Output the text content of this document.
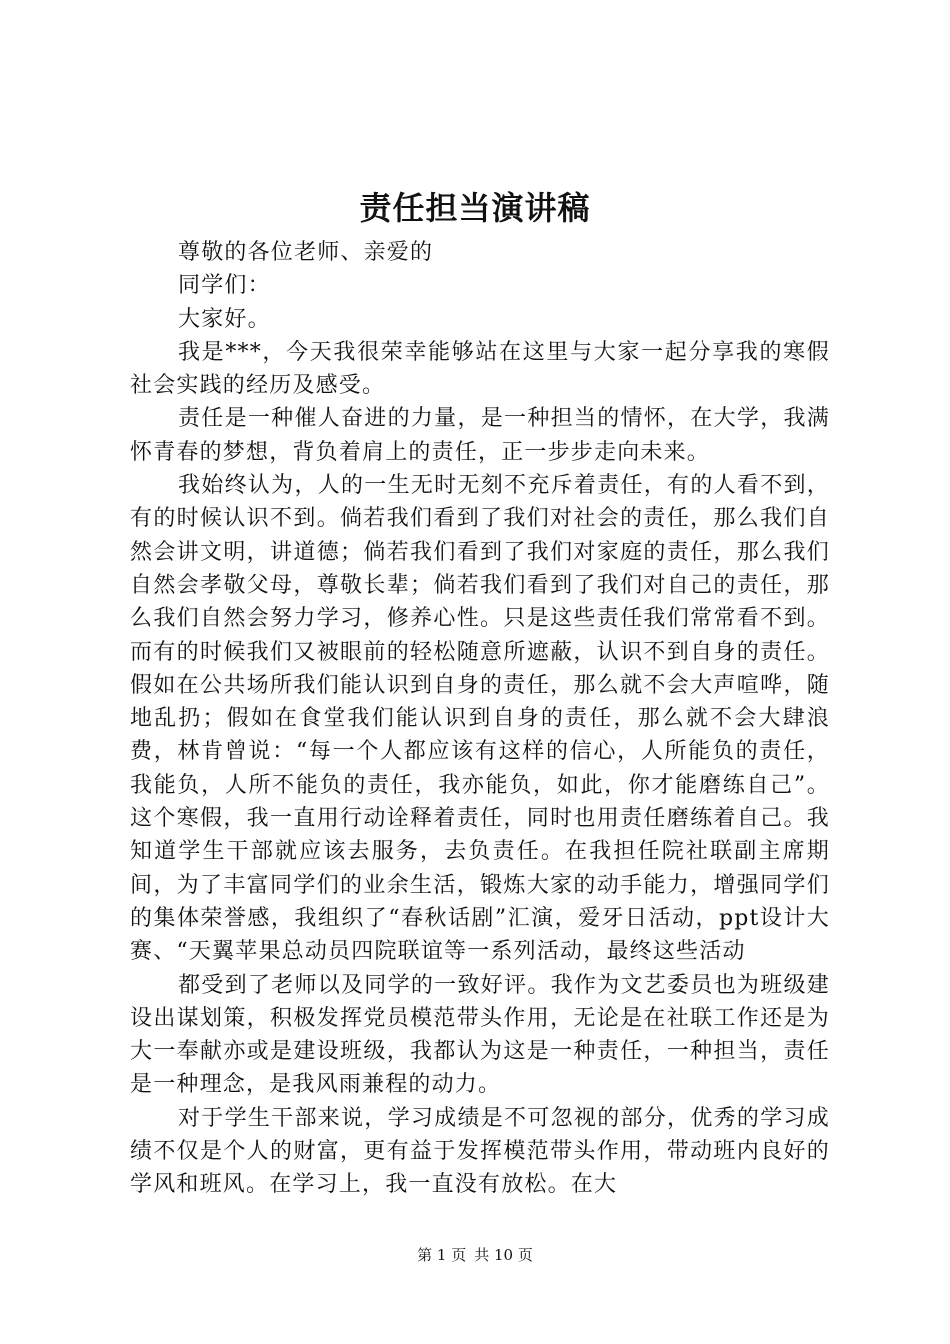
责任担当演讲稿

尊敬的各位老师、亲爱的

同学们：

大家好。

我是***，今天我很荣幸能够站在这里与大家一起分享我的寒假社会实践的经历及感受。

责任是一种催人奋进的力量，是一种担当的情怀，在大学，我满怀青春的梦想，背负着肩上的责任，正一步步走向未来。

我始终认为，人的一生无时无刻不充斥着责任，有的人看不到，有的时候认识不到。倘若我们看到了我们对社会的责任，那么我们自然会讲文明，讲道德；倘若我们看到了我们对家庭的责任，那么我们自然会孝敬父母，尊敬长辈；倘若我们看到了我们对自己的责任，那么我们自然会努力学习，修养心性。只是这些责任我们常常看不到。而有的时候我们又被眼前的轻松随意所遮蔽，认识不到自身的责任。假如在公共场所我们能认识到自身的责任，那么就不会大声喧哗，随地乱扔；假如在食堂我们能认识到自身的责任，那么就不会大肆浪费，林肯曾说：“每一个人都应该有这样的信心，人所能负的责任，我能负，人所不能负的责任，我亦能负，如此，你才能磨练自己”。这个寒假，我一直用行动诠释着责任，同时也用责任磨练着自己。我知道学生干部就应该去服务，去负责任。在我担任院社联副主席期间，为了丰富同学们的业余生活，锻炼大家的动手能力，增强同学们的集体荣誉感，我组织了“春秋话剧”汇演，爱牙日活动，ppt设计大赛、“天翼苹果总动员四院联谊等一系列活动，最终这些活动

都受到了老师以及同学的一致好评。我作为文艺委员也为班级建设出谋划策，积极发挥党员模范带头作用，无论是在社联工作还是为大一奉献亦或是建设班级，我都认为这是一种责任，一种担当，责任是一种理念，是我风雨兼程的动力。

对于学生干部来说，学习成绩是不可忽视的部分，优秀的学习成绩不仅是个人的财富，更有益于发挥模范带头作用，带动班内良好的学风和班风。在学习上，我一直没有放松。在大

第 1 页 共 10 页
